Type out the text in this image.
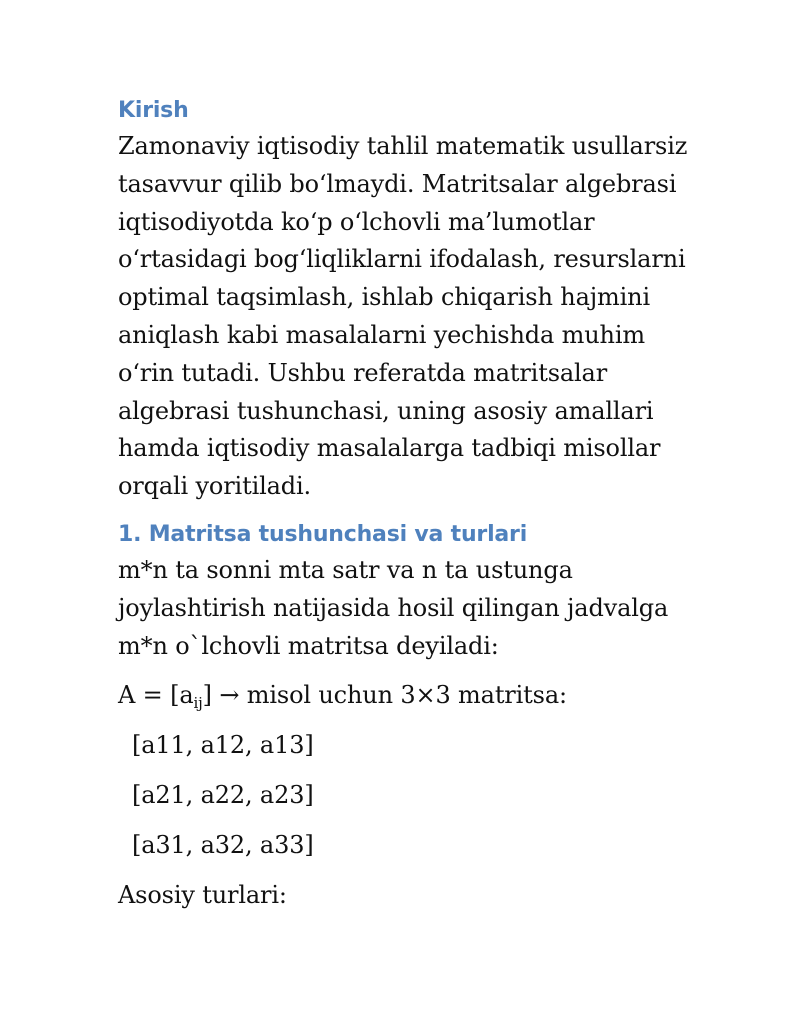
Kirish

Zamonaviy iqtisodiy tahlil matematik usullarsiz
tasavvur qilib bo‘lmaydi. Matritsalar algebrasi
iqtisodiyotda ko‘p o‘lchovli ma’lumotlar
o‘rtasidagi bog‘liqliklarni ifodalash, resurslarni
optimal taqsimlash, ishlab chiqarish hajmini
aniqlash kabi masalalarni yechishda muhim
o‘rin tutadi. Ushbu referatda matritsalar
algebrasi tushunchasi, uning asosiy amallari
hamda iqtisodiy masalalarga tadbiqi misollar
orqali yoritiladi.

1. Matritsa tushunchasi va turlari

m*n ta sonni mta satr va n ta ustunga
joylashtirish natijasida hosil qilingan jadvalga
m*n o`lchovli matritsa deyiladi:

$A = [a_{ij}]$ → misol uchun 3×3 matritsa:

[a11, a12, a13]

[a21, a22, a23]

[a31, a32, a33]

Asosiy turlari:
